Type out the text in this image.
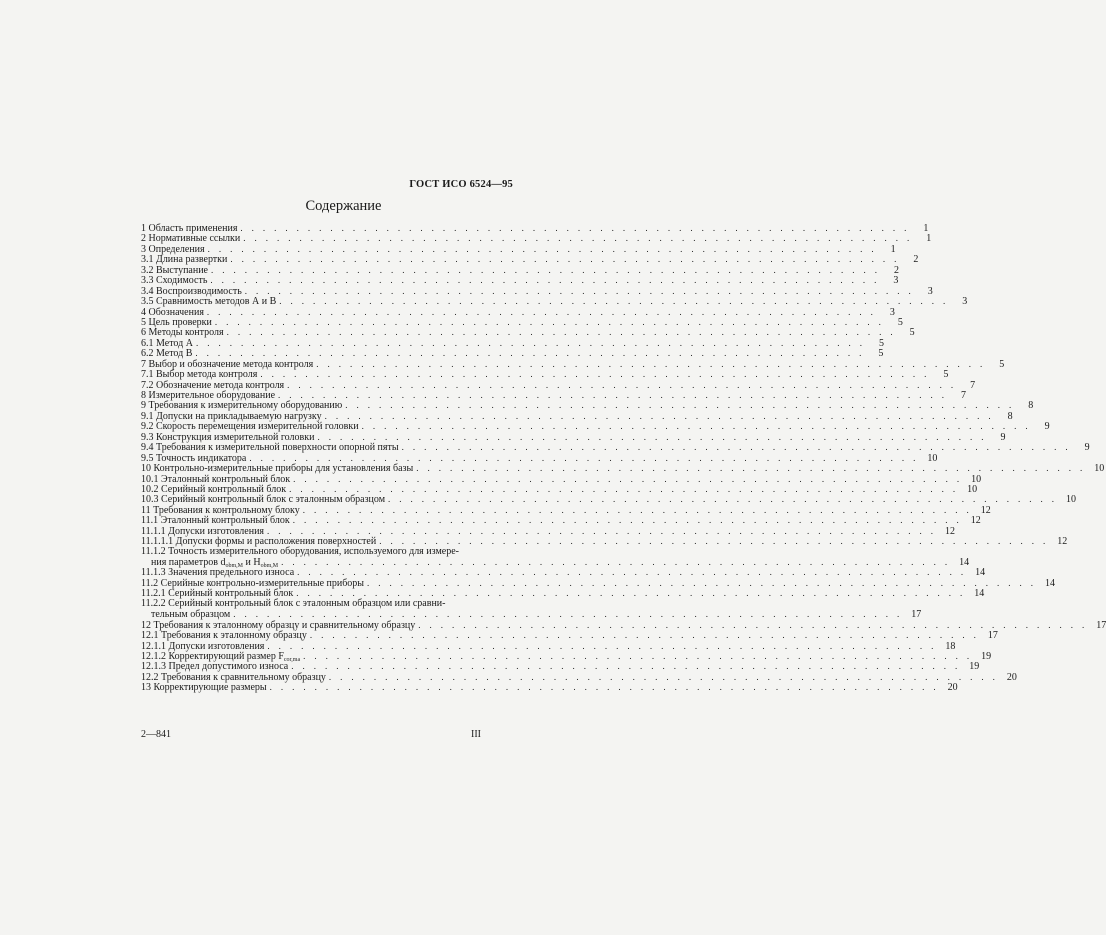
ГОСТ ИСО 6524—95
Содержание
1 Область применения ............................................................ 1
2 Нормативные ссылки ............................................................ 1
3 Определения ............................................................ 1
3.1 Длина развертки ............................................................ 2
3.2 Выступание ............................................................ 2
3.3 Сходимость ............................................................ 3
3.4 Воспроизводимость ............................................................ 3
3.5 Сравнимость методов А и В ............................................................ 3
4 Обозначения ............................................................ 3
5 Цель проверки ............................................................ 5
6 Методы контроля ............................................................ 5
6.1 Метод А ............................................................ 5
6.2 Метод В ............................................................ 5
7 Выбор и обозначение метода контроля ............................................................ 5
7.1 Выбор метода контроля ............................................................ 5
7.2 Обозначение метода контроля ............................................................ 7
8 Измерительное оборудование ............................................................ 7
9 Требования к измерительному оборудованию ............................................................ 8
9.1 Допуски на прикладываемую нагрузку ............................................................ 8
9.2 Скорость перемещения измерительной головки ............................................................ 9
9.3 Конструкция измерительной головки ............................................................ 9
9.4 Требования к измерительной поверхности опорной пяты ............................................................ 9
9.5 Точность индикатора ............................................................ 10
10 Контрольно-измерительные приборы для установления базы ............................................................ 10
10.1 Эталонный контрольный блок ............................................................ 10
10.2 Серийный контрольный блок ............................................................ 10
10.3 Серийный контрольный блок с эталонным образцом ............................................................ 10
11 Требования к контрольному блоку ............................................................ 12
11.1 Эталонный контрольный блок ............................................................ 12
11.1.1 Допуски изготовления ............................................................ 12
11.1.1.1 Допуски формы и расположения поверхностей ............................................................ 12
11.1.2 Точность измерительного оборудования, используемого для измере-
ния параметров $d_{obm,M}$ и $H_{obm,M}$ ............................................................ 14
11.1.3 Значения предельного износа ............................................................ 14
11.2 Серийные контрольно-измерительные приборы ............................................................ 14
11.2.1 Серийный контрольный блок ............................................................ 14
11.2.2 Серийный контрольный блок с эталонным образцом или сравни-
тельным образцом ............................................................ 17
12 Требования к эталонному образцу и сравнительному образцу ............................................................ 17
12.1 Требования к эталонному образцу ............................................................ 17
12.1.1 Допуски изготовления ............................................................ 18
12.1.2 Корректирующий размер $F_{cor,ma}$ ............................................................ 19
12.1.3 Предел допустимого износа ............................................................ 19
12.2 Требования к сравнительному образцу ............................................................ 20
13 Корректирующие размеры ............................................................ 20
2—841	III
